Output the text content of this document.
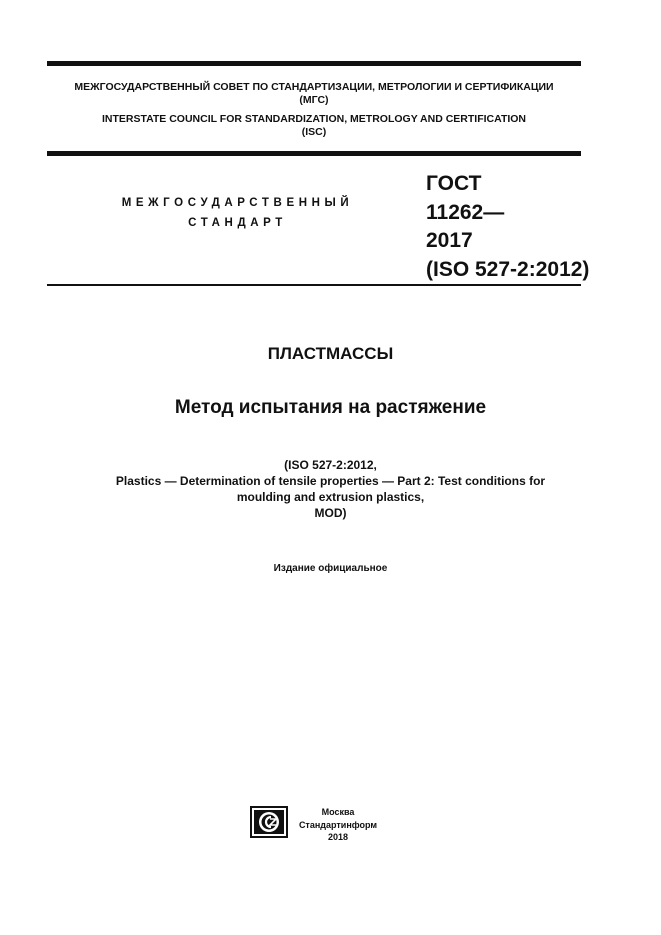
МЕЖГОСУДАРСТВЕННЫЙ СОВЕТ ПО СТАНДАРТИЗАЦИИ, МЕТРОЛОГИИ И СЕРТИФИКАЦИИ
(МГС)
INTERSTATE COUNCIL FOR STANDARDIZATION, METROLOGY AND CERTIFICATION
(ISC)
МЕЖГОСУДАРСТВЕННЫЙ
СТАНДАРТ
ГОСТ
11262—
2017
(ISO 527-2:2012)
ПЛАСТМАССЫ
Метод испытания на растяжение
(ISO 527-2:2012,
Plastics — Determination of tensile properties — Part 2: Test conditions for
moulding and extrusion plastics,
MOD)
Издание официальное
Москва
Стандартинформ
2018
